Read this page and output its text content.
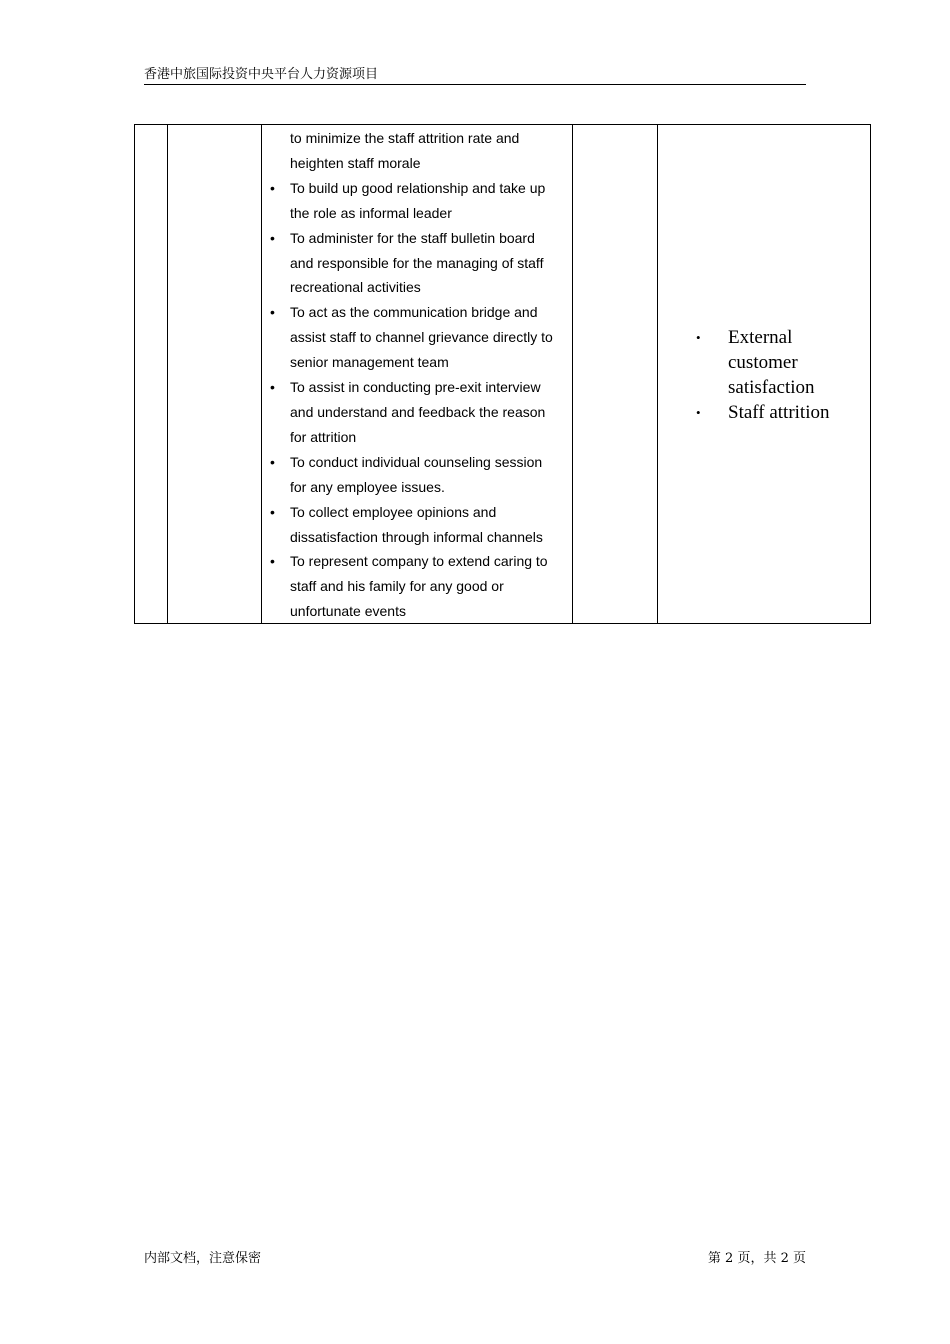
香港中旅国际投资中央平台人力资源项目
to minimize the staff attrition rate and
heighten staff morale
• To build up good relationship and take up
the role as informal leader
• To administer for the staff bulletin board
and responsible for the managing of staff
recreational activities
• To act as the communication bridge and
assist staff to channel grievance directly to
senior management team
• To assist in conducting pre-exit interview
and understand and feedback the reason
for attrition
• To conduct individual counseling session
for any employee issues.
• To collect employee opinions and
dissatisfaction through informal channels
• To represent company to extend caring to
staff and his family for any good or
unfortunate events
• External
customer
satisfaction
• Staff attrition
内部文档，注意保密	第 2 页，共 2 页
